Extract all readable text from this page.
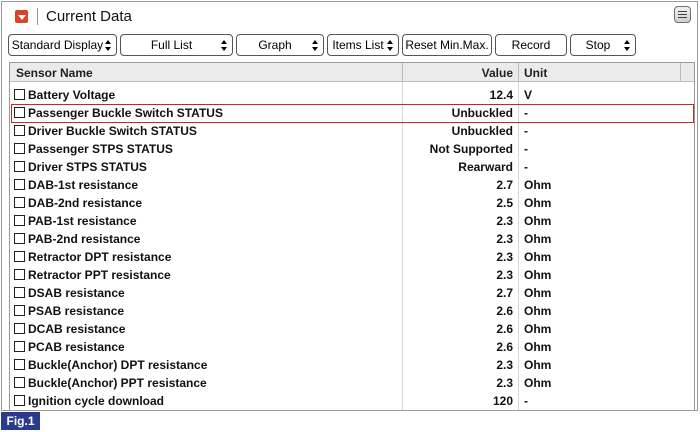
Current Data
Standard Display	Full List	Graph	Items List Reset Min.Max. Record	Stop
Sensor Name	Value Unit
Battery Voltage	12.4 V
Passenger Buckle Switch STATUS	Unbuckled -
Driver Buckle Switch STATUS	Unbuckled -
Passenger STPS STATUS	Not Supported -
Driver STPS STATUS	Rearward -
DAB-1st resistance	2.7 Ohm
DAB-2nd resistance	2.5 Ohm
PAB-1st resistance	2.3 Ohm
PAB-2nd resistance	2.3 Ohm
Retractor DPT resistance	2.3 Ohm
Retractor PPT resistance	2.3 Ohm
DSAB resistance	2.7 Ohm
PSAB resistance	2.6 Ohm
DCAB resistance	2.6 Ohm
PCAB resistance	2.6 Ohm
Buckle(Anchor) DPT resistance	2.3 Ohm
Buckle(Anchor) PPT resistance	2.3 Ohm
Ignition cycle download	120 -
Fig.1
